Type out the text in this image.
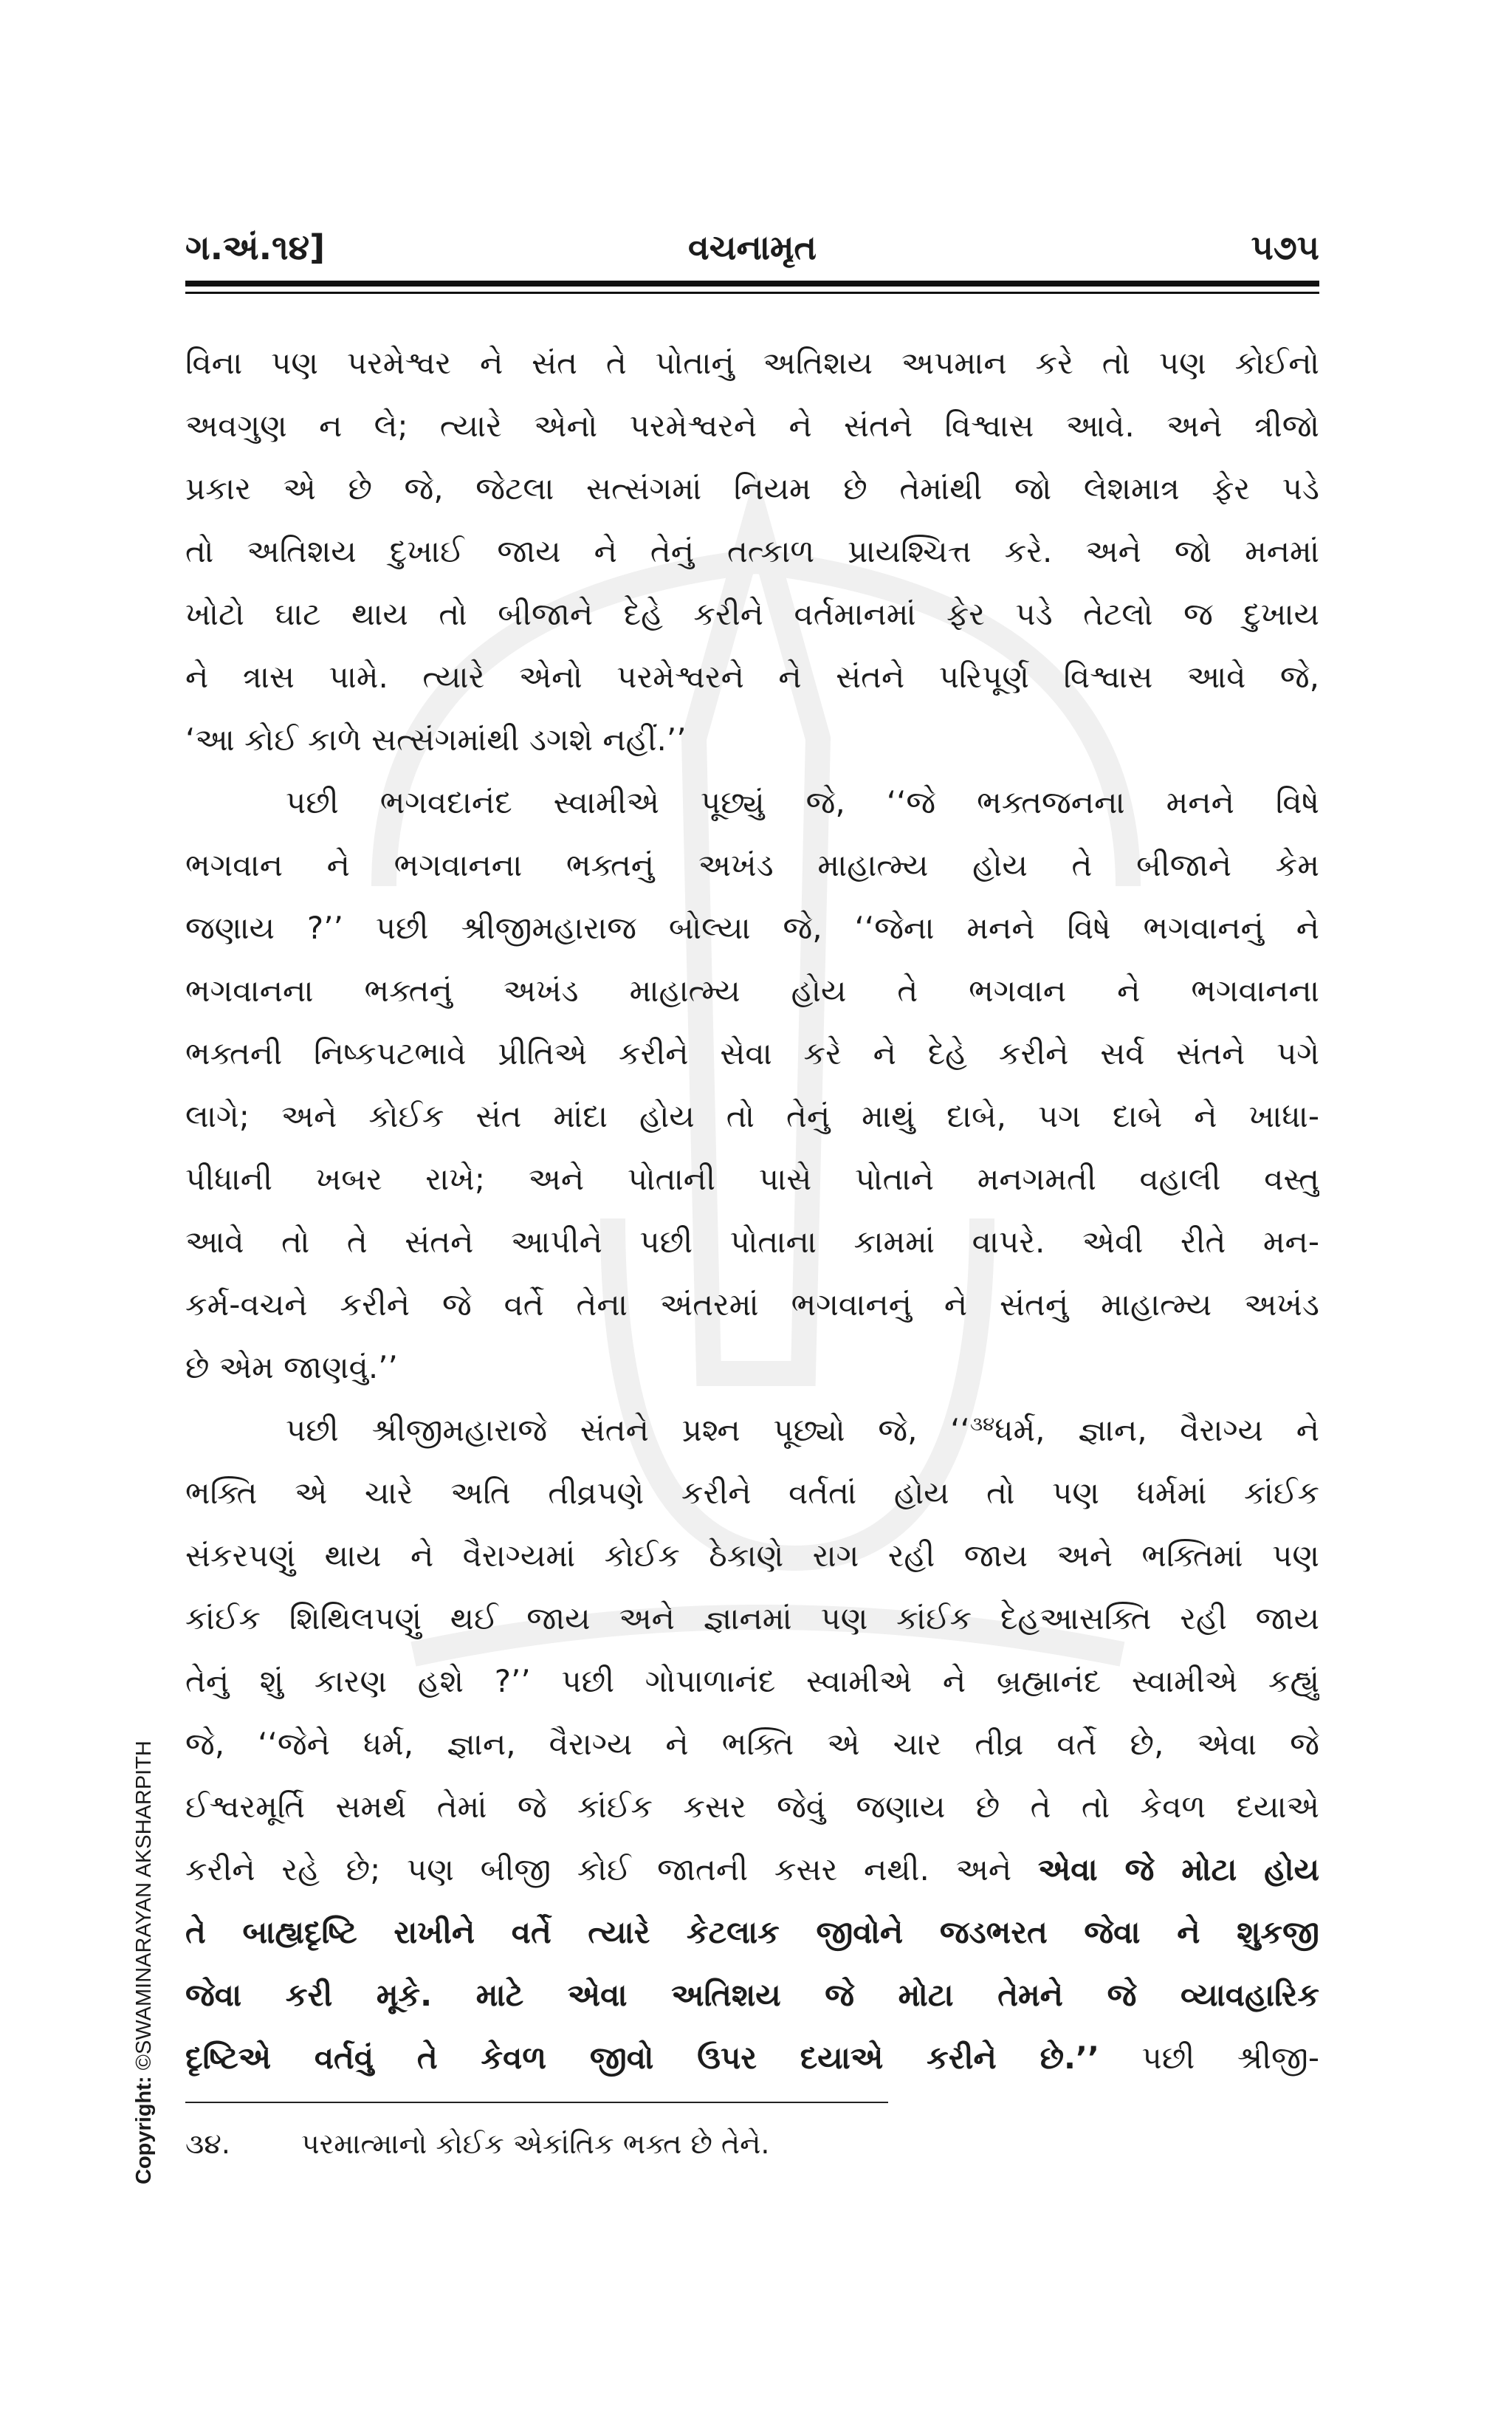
ગ.અં.૧૪]	વચનામૃત	૫૭૫
વિના પણ પરમેશ્વર ને સંત તે પોતાનું અતિશય અપમાન કરે તો પણ કોઈનો
અવગુણ ન લે; ત્યારે એનો પરમેશ્વરને ને સંતને વિશ્વાસ આવે. અને ત્રીજો
પ્રકાર એ છે જે, જેટલા સત્સંગમાં નિયમ છે તેમાંથી જો લેશમાત્ર ફેર પડે
તો અતિશય દુખાઈ જાય ને તેનું તત્કાળ પ્રાયશ્ચિત્ત કરે. અને જો મનમાં
ખોટો ઘાટ થાય તો બીજાને દેહે કરીને વર્તમાનમાં ફેર પડે તેટલો જ દુખાય
ને ત્રાસ પામે. ત્યારે એનો પરમેશ્વરને ને સંતને પરિપૂર્ણ વિશ્વાસ આવે જે,
‘આ કોઈ કાળે સત્સંગમાંથી ડગશે નહીં.’’
પછી ભગવદાનંદ સ્વામીએ પૂછ્યું જે, ‘‘જે ભક્તજનના મનને વિષે
ભગવાન ને ભગવાનના ભક્તનું અખંડ માહાત્મ્ય હોય તે બીજાને કેમ
જણાય ?’’ પછી શ્રીજીમહારાજ બોલ્યા જે, ‘‘જેના મનને વિષે ભગવાનનું ને
ભગવાનના ભક્તનું અખંડ માહાત્મ્ય હોય તે ભગવાન ને ભગવાનના
ભક્તની નિષ્કપટભાવે પ્રીતિએ કરીને સેવા કરે ને દેહે કરીને સર્વ સંતને પગે
લાગે; અને કોઈક સંત માંદા હોય તો તેનું માથું દાબે, પગ દાબે ને ખાધા-
પીધાની ખબર રાખે; અને પોતાની પાસે પોતાને મનગમતી વહાલી વસ્તુ
આવે તો તે સંતને આપીને પછી પોતાના કામમાં વાપરે. એવી રીતે મન-
કર્મ-વચને કરીને જે વર્તે તેના અંતરમાં ભગવાનનું ને સંતનું માહાત્મ્ય અખંડ
છે એમ જાણવું.’’
પછી શ્રીજીમહારાજે સંતને પ્રશ્ન પૂછ્યો જે, ‘‘$^{૩૪}$ધર્મ, જ્ઞાન, વૈરાગ્ય ને
ભક્તિ એ ચારે અતિ તીવ્રપણે કરીને વર્તતાં હોય તો પણ ધર્મમાં કાંઈક
સંકરપણું થાય ને વૈરાગ્યમાં કોઈક ઠેકાણે રાગ રહી જાય અને ભક્તિમાં પણ
કાંઈક શિથિલપણું થઈ જાય અને જ્ઞાનમાં પણ કાંઈક દેહઆસક્તિ રહી જાય
તેનું શું કારણ હશે ?’’ પછી ગોપાળાનંદ સ્વામીએ ને બ્રહ્માનંદ સ્વામીએ કહ્યું
જે, ‘‘જેને ધર્મ, જ્ઞાન, વૈરાગ્ય ને ભક્તિ એ ચાર તીવ્ર વર્તે છે, એવા જે
ઈશ્વરમૂર્તિ સમર્થ તેમાં જે કાંઈક કસર જેવું જણાય છે તે તો કેવળ દયાએ
કરીને રહે છે; પણ બીજી કોઈ જાતની કસર નથી. અને એવા જે મોટા હોય
તે બાહ્યદૃષ્ટિ રાખીને વર્તે ત્યારે કેટલાક જીવોને જડભરત જેવા ને શુકજી
જેવા કરી મૂકે. માટે એવા અતિશય જે મોટા તેમને જે વ્યાવહારિક
દૃષ્ટિએ વર્તવું તે કેવળ જીવો ઉપર દયાએ કરીને છે.’’ પછી શ્રીજી-
૩૪.	પરમાત્માનો કોઈક એકાંતિક ભક્ત છે તેને.
Copyright: ©SWAMINARAYAN AKSHARPITH
